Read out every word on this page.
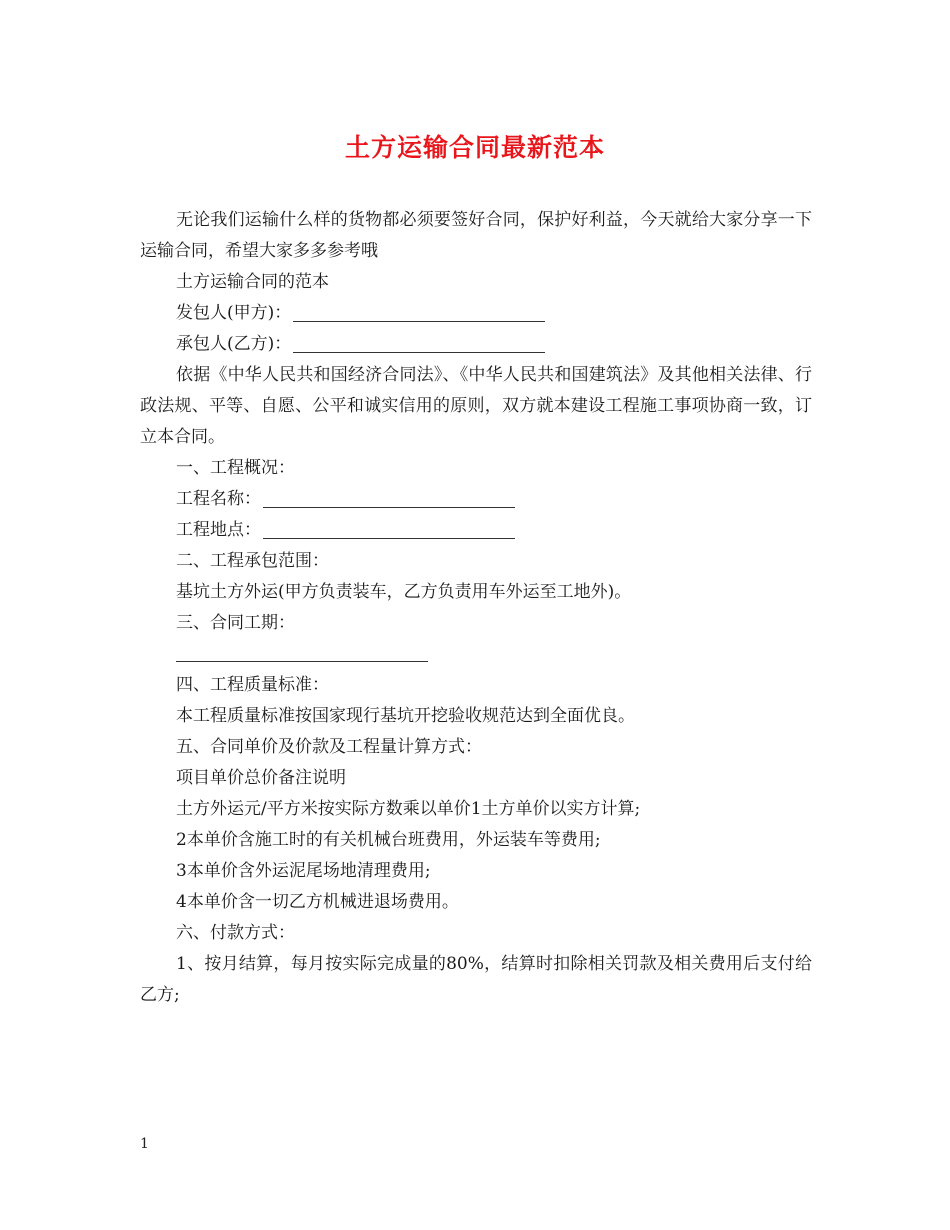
土方运输合同最新范本

无论我们运输什么样的货物都必须要签好合同，保护好利益，今天就给大家分享一下运输合同，希望大家多多参考哦

土方运输合同的范本

发包人(甲方)：

承包人(乙方)：

依据《中华人民共和国经济合同法》、《中华人民共和国建筑法》及其他相关法律、行政法规、平等、自愿、公平和诚实信用的原则，双方就本建设工程施工事项协商一致，订立本合同。

一、工程概况：

工程名称：

工程地点：

二、工程承包范围：

基坑土方外运(甲方负责装车，乙方负责用车外运至工地外)。

三、合同工期：

四、工程质量标准：

本工程质量标准按国家现行基坑开挖验收规范达到全面优良。

五、合同单价及价款及工程量计算方式：

项目单价总价备注说明

土方外运元/平方米按实际方数乘以单价1土方单价以实方计算;

2本单价含施工时的有关机械台班费用，外运装车等费用;

3本单价含外运泥尾场地清理费用;

4本单价含一切乙方机械进退场费用。

六、付款方式：

1、按月结算，每月按实际完成量的80%，结算时扣除相关罚款及相关费用后支付给乙方;

1
